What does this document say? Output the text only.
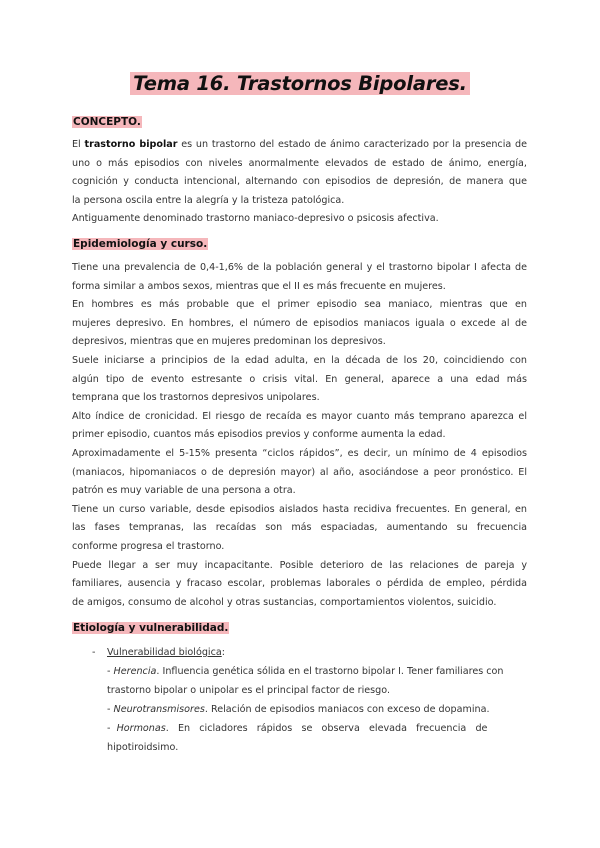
Tema 16. Trastornos Bipolares.
CONCEPTO.
El trastorno bipolar es un trastorno del estado de ánimo caracterizado por la presencia de
uno o más episodios con niveles anormalmente elevados de estado de ánimo, energía,
cognición y conducta intencional, alternando con episodios de depresión, de manera que
la persona oscila entre la alegría y la tristeza patológica.
Antiguamente denominado trastorno maniaco-depresivo o psicosis afectiva.
Epidemiología y curso.
Tiene una prevalencia de 0,4-1,6% de la población general y el trastorno bipolar I afecta de
forma similar a ambos sexos, mientras que el II es más frecuente en mujeres.
En hombres es más probable que el primer episodio sea maniaco, mientras que en
mujeres depresivo. En hombres, el número de episodios maniacos iguala o excede al de
depresivos, mientras que en mujeres predominan los depresivos.
Suele iniciarse a principios de la edad adulta, en la década de los 20, coincidiendo con
algún tipo de evento estresante o crisis vital. En general, aparece a una edad más
temprana que los trastornos depresivos unipolares.
Alto índice de cronicidad. El riesgo de recaída es mayor cuanto más temprano aparezca el
primer episodio, cuantos más episodios previos y conforme aumenta la edad.
Aproximadamente el 5-15% presenta “ciclos rápidos”, es decir, un mínimo de 4 episodios
(maniacos, hipomaniacos o de depresión mayor) al año, asociándose a peor pronóstico. El
patrón es muy variable de una persona a otra.
Tiene un curso variable, desde episodios aislados hasta recidiva frecuentes. En general, en
las fases tempranas, las recaídas son más espaciadas, aumentando su frecuencia
conforme progresa el trastorno.
Puede llegar a ser muy incapacitante. Posible deterioro de las relaciones de pareja y
familiares, ausencia y fracaso escolar, problemas laborales o pérdida de empleo, pérdida
de amigos, consumo de alcohol y otras sustancias, comportamientos violentos, suicidio.
Etiología y vulnerabilidad.
- Vulnerabilidad biológica:
- Herencia. Influencia genética sólida en el trastorno bipolar I. Tener familiares con
trastorno bipolar o unipolar es el principal factor de riesgo.
- Neurotransmisores. Relación de episodios maniacos con exceso de dopamina.
-  Hormonas.   En   cicladores   rápidos   se   observa   elevada   frecuencia   de
hipotiroidsimo.
